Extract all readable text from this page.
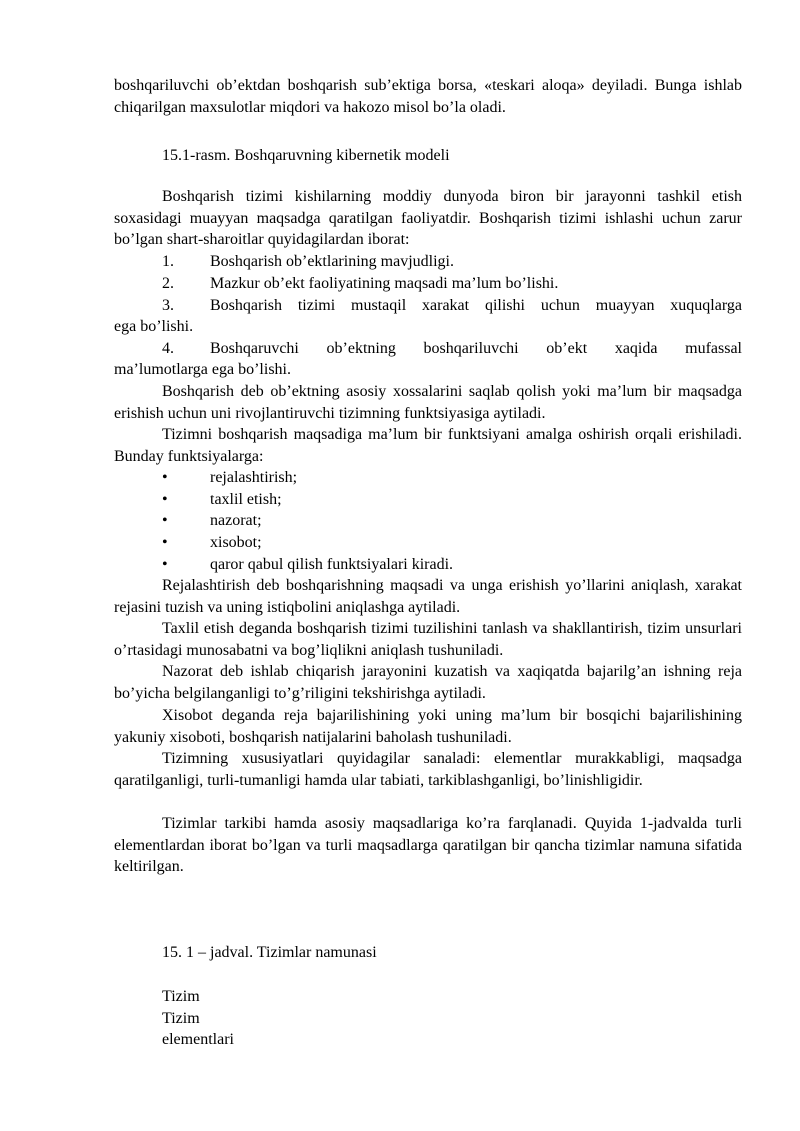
boshqariluvchi ob’ektdan boshqarish sub’ektiga borsa, «teskari aloqa» deyiladi. Bunga ishlab chiqarilgan maxsulotlar miqdori va hakozo misol bo’la oladi.

15.1-rasm. Boshqaruvning kibernetik modeli

Boshqarish tizimi kishilarning moddiy dunyoda biron bir jarayonni tashkil etish soxasidagi muayyan maqsadga qaratilgan faoliyatdir. Boshqarish tizimi ishlashi uchun zarur bo’lgan shart-sharoitlar quyidagilardan iborat:

1. Boshqarish ob’ektlarining mavjudligi.
2. Mazkur ob’ekt faoliyatining maqsadi ma’lum bo’lishi.
3. Boshqarish tizimi mustaqil xarakat qilishi uchun muayyan xuquqlarga
ega bo’lishi.
4. Boshqaruvchi ob’ektning boshqariluvchi ob’ekt xaqida mufassal
ma’lumotlarga ega bo’lishi.

Boshqarish deb ob’ektning asosiy xossalarini saqlab qolish yoki ma’lum bir maqsadga erishish uchun uni rivojlantiruvchi tizimning funktsiyasiga aytiladi.

Tizimni boshqarish maqsadiga ma’lum bir funktsiyani amalga oshirish orqali erishiladi. Bunday funktsiyalarga:

•	rejalashtirish;
•	taxlil etish;
•	nazorat;
•	xisobot;
•	qaror qabul qilish funktsiyalari kiradi.

Rejalashtirish deb boshqarishning maqsadi va unga erishish yo’llarini aniqlash, xarakat rejasini tuzish va uning istiqbolini aniqlashga aytiladi.

Taxlil etish deganda boshqarish tizimi tuzilishini tanlash va shakllantirish, tizim unsurlari o’rtasidagi munosabatni va bog’liqlikni aniqlash tushuniladi.

Nazorat deb ishlab chiqarish jarayonini kuzatish va xaqiqatda bajarilg’an ishning reja bo’yicha belgilanganligi to’g’riligini tekshirishga aytiladi.

Xisobot deganda reja bajarilishining yoki uning ma’lum bir bosqichi bajarilishining yakuniy xisoboti, boshqarish natijalarini baholash tushuniladi.

Tizimning xususiyatlari quyidagilar sanaladi: elementlar murakkabligi, maqsadga qaratilganligi, turli-tumanligi hamda ular tabiati, tarkiblashganligi, bo’linishligidir.

Tizimlar tarkibi hamda asosiy maqsadlariga ko’ra farqlanadi. Quyida 1-jadvalda turli elementlardan iborat bo’lgan va turli maqsadlarga qaratilgan bir qancha tizimlar namuna sifatida keltirilgan.

15. 1 – jadval. Tizimlar namunasi

Tizim
Tizim
elementlari
